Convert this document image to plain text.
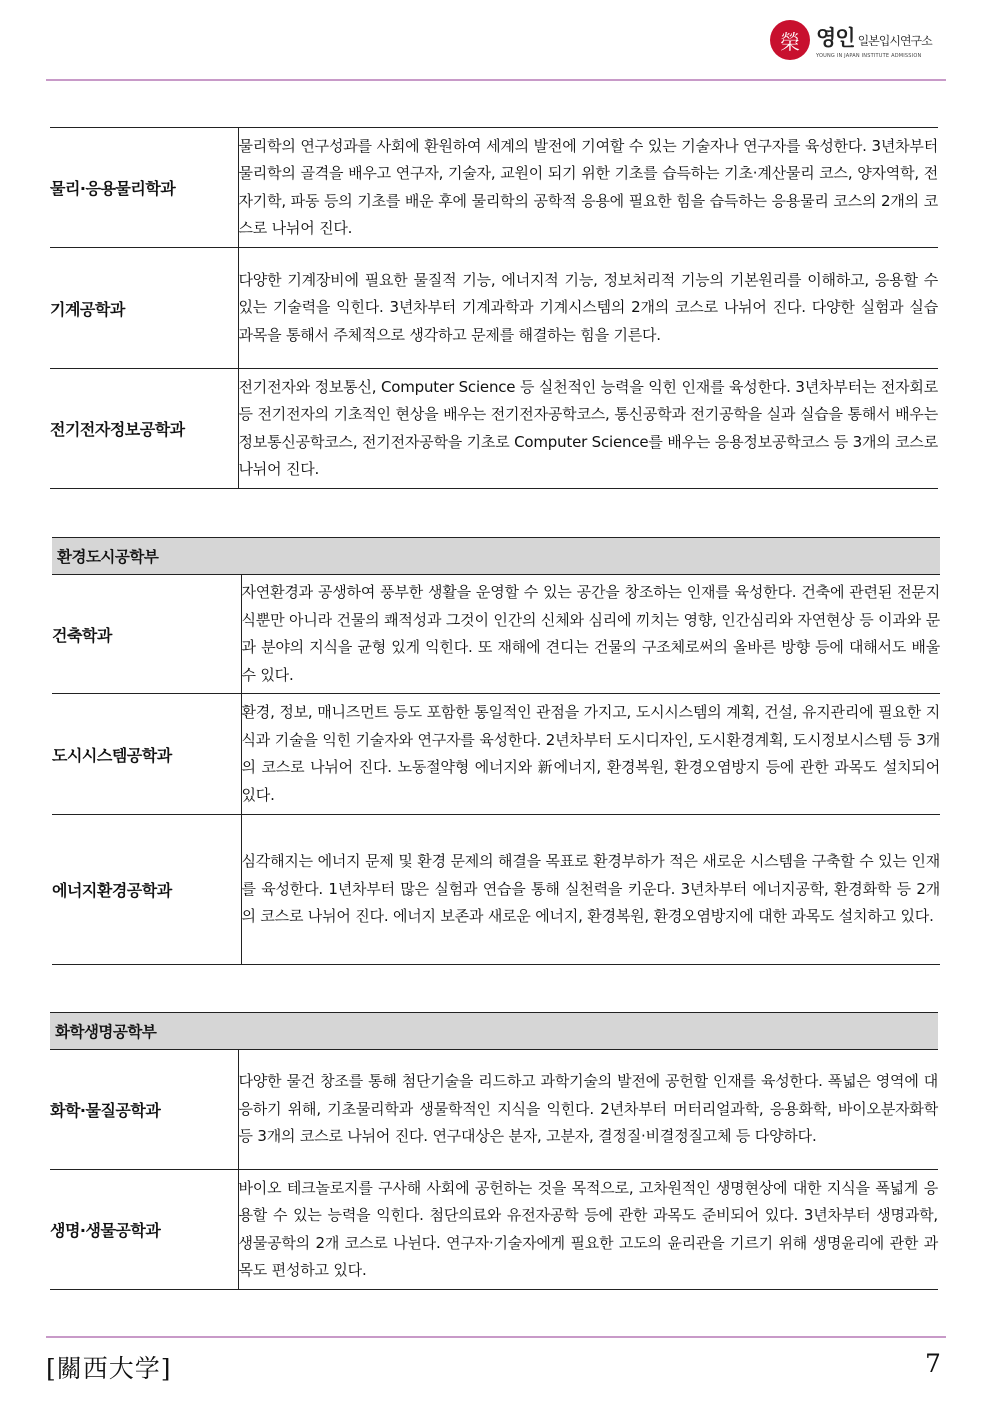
榮 영인 일본입시연구소
YOUNG IN JAPAN INSTITUTE ADMISSION
물리·응용물리학과	물리학의 연구성과를 사회에 환원하여 세계의 발전에 기여할 수 있는 기술자나 연구자를 육성한다. 3년차부터 물리학의 골격을 배우고 연구자, 기술자, 교원이 되기 위한 기초를 습득하는 기초·계산물리 코스, 양자역학, 전자기학, 파동 등의 기초를 배운 후에 물리학의 공학적 응용에 필요한 힘을 습득하는 응용물리 코스의 2개의 코스로 나뉘어 진다.
기계공학과	다양한 기계장비에 필요한 물질적 기능, 에너지적 기능, 정보처리적 기능의 기본원리를 이해하고, 응용할 수 있는 기술력을 익힌다. 3년차부터 기계과학과 기계시스템의 2개의 코스로 나뉘어 진다. 다양한 실험과 실습 과목을 통해서 주체적으로 생각하고 문제를 해결하는 힘을 기른다.
전기전자정보공학과	전기전자와 정보통신, Computer Science 등 실천적인 능력을 익힌 인재를 육성한다. 3년차부터는 전자회로 등 전기전자의 기초적인 현상을 배우는 전기전자공학코스, 통신공학과 전기공학을 실과 실습을 통해서 배우는 정보통신공학코스, 전기전자공학을 기초로 Computer Science를 배우는 응용정보공학코스 등 3개의 코스로 나뉘어 진다.
환경도시공학부	
건축학과	자연환경과 공생하여 풍부한 생활을 운영할 수 있는 공간을 창조하는 인재를 육성한다. 건축에 관련된 전문지식뿐만 아니라 건물의 쾌적성과 그것이 인간의 신체와 심리에 끼치는 영향, 인간심리와 자연현상 등 이과와 문과 분야의 지식을 균형 있게 익힌다. 또 재해에 견디는 건물의 구조체로써의 올바른 방향 등에 대해서도 배울 수 있다.
도시시스템공학과	환경, 정보, 매니즈먼트 등도 포함한 통일적인 관점을 가지고, 도시시스템의 계획, 건설, 유지관리에 필요한 지식과 기술을 익힌 기술자와 연구자를 육성한다. 2년차부터 도시디자인, 도시환경계획, 도시정보시스템 등 3개의 코스로 나뉘어 진다. 노동절약형 에너지와 新에너지, 환경복원, 환경오염방지 등에 관한 과목도 설치되어 있다.
에너지환경공학과	심각해지는 에너지 문제 및 환경 문제의 해결을 목표로 환경부하가 적은 새로운 시스템을 구축할 수 있는 인재를 육성한다. 1년차부터 많은 실험과 연습을 통해 실천력을 키운다. 3년차부터 에너지공학, 환경화학 등 2개의 코스로 나뉘어 진다. 에너지 보존과 새로운 에너지, 환경복원, 환경오염방지에 대한 과목도 설치하고 있다.
화학생명공학부	
화학·물질공학과	다양한 물건 창조를 통해 첨단기술을 리드하고 과학기술의 발전에 공헌할 인재를 육성한다. 폭넓은 영역에 대응하기 위해, 기초물리학과 생물학적인 지식을 익힌다. 2년차부터 머터리얼과학, 응용화학, 바이오분자화학 등 3개의 코스로 나뉘어 진다. 연구대상은 분자, 고분자, 결정질·비결정질고체 등 다양하다.
생명·생물공학과	바이오 테크놀로지를 구사해 사회에 공헌하는 것을 목적으로, 고차원적인 생명현상에 대한 지식을 폭넓게 응용할 수 있는 능력을 익힌다. 첨단의료와 유전자공학 등에 관한 과목도 준비되어 있다. 3년차부터 생명과학, 생물공학의 2개 코스로 나뉜다. 연구자·기술자에게 필요한 고도의 윤리관을 기르기 위해 생명윤리에 관한 과목도 편성하고 있다.
[關西大学]	7
